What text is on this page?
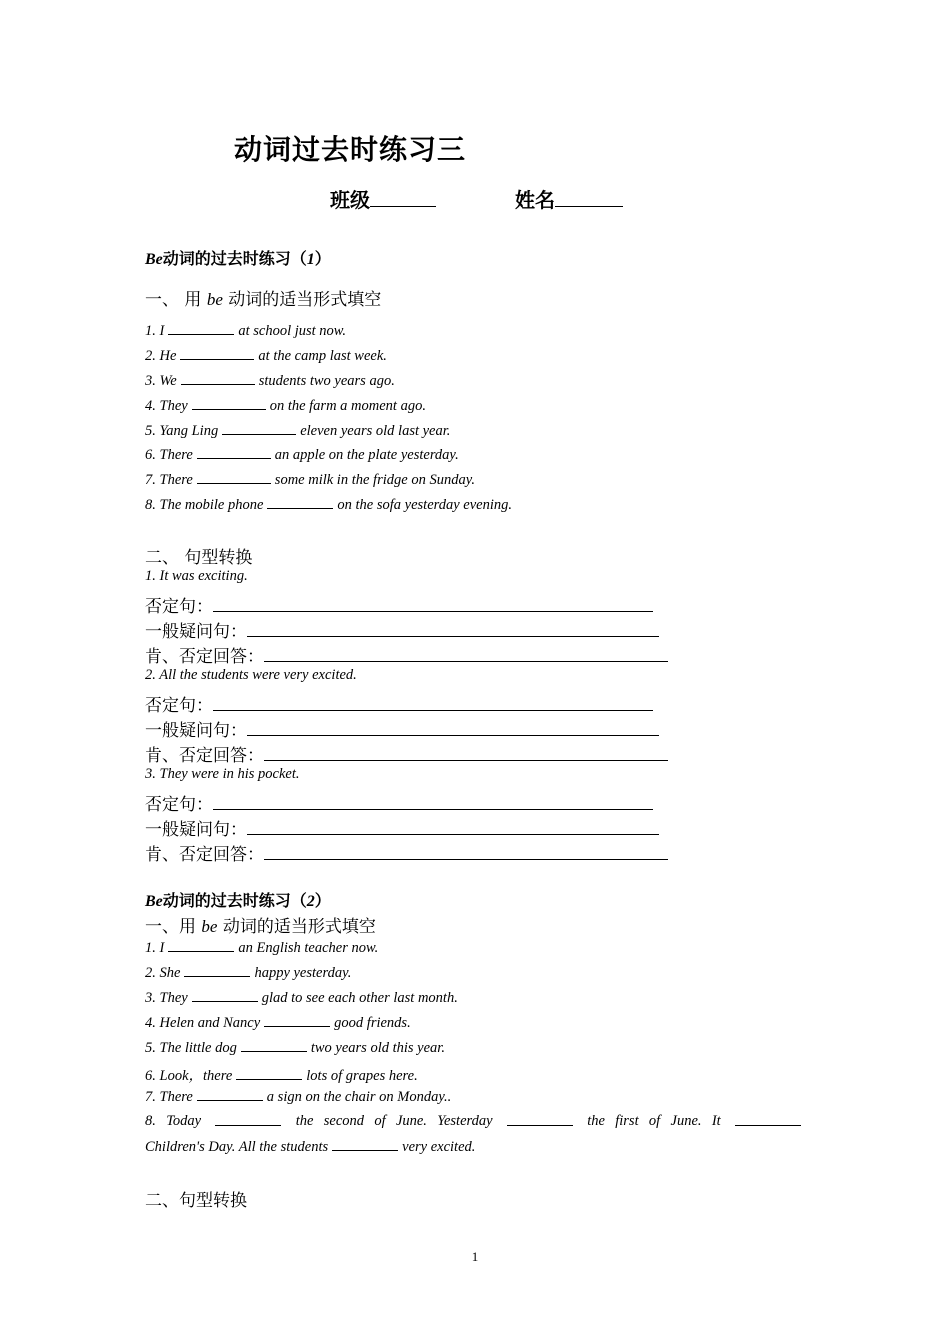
动词过去时练习三
班级	姓名
Be动词的过去时练习（1）
一、 用 be 动词的适当形式填空
1. I	at school just now.
2. He	at the camp last week.
3. We	students two years ago.
4. They	on the farm a moment ago.
5. Yang Ling	eleven years old last year.
6. There	an apple on the plate yesterday.
7. There	some milk in the fridge on Sunday.
8. The mobile phone	on the sofa yesterday evening.
二、 句型转换
1. It was exciting.
否定句：
一般疑问句：
肯、否定回答：
2. All the students were very excited.
否定句：
一般疑问句：
肯、否定回答：
3. They were in his pocket.
否定句：
一般疑问句：
肯、否定回答：
Be动词的过去时练习（2）
一、用 be 动词的适当形式填空
1. I	an English teacher now.
2. She	happy yesterday.
3. They	glad to see each other last month.
4. Helen and Nancy	good friends.
5. The little dog	two years old this year.
6. Look，there	lots of grapes here.
7. There	a sign on the chair on Monday..
8. Today	the second of June. Yesterday	the first of June. It
Children's Day. All the students	very excited.
二、句型转换
1
